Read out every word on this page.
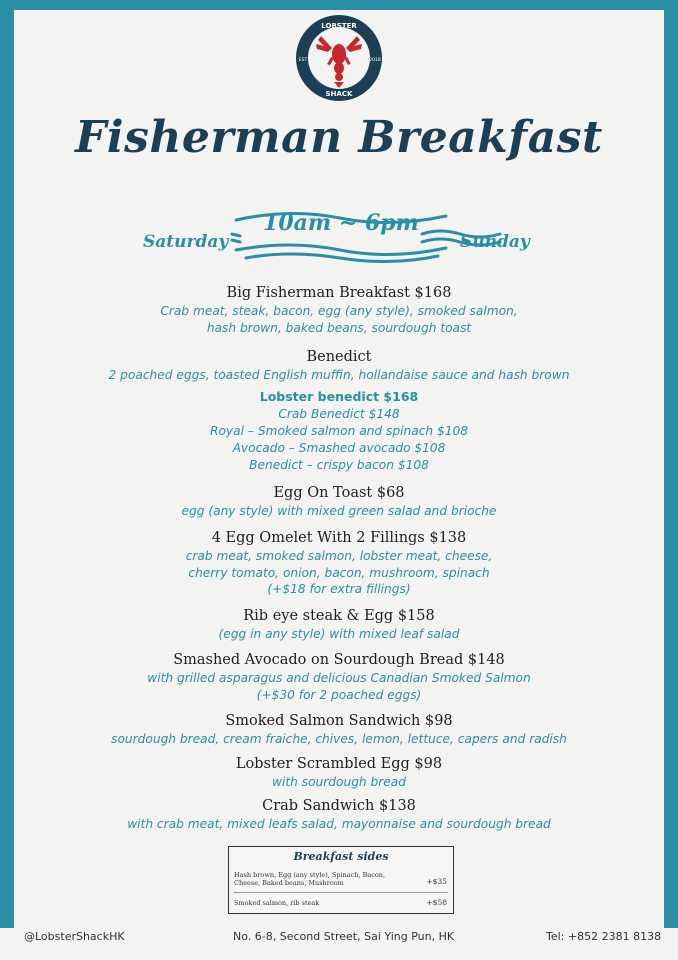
LOBSTER
SHACK
EST	2018
Fisherman Breakfast
Saturday
10am ~ 6pm
Sunday
Big Fisherman Breakfast $168
Crab meat, steak, bacon, egg (any style), smoked salmon,
hash brown, baked beans, sourdough toast
Benedict
2 poached eggs, toasted English muffin, hollandaise sauce and hash brown
Lobster benedict $168
Crab Benedict $148
Royal – Smoked salmon and spinach $108
Avocado – Smashed avocado $108
Benedict – crispy bacon $108
Egg On Toast $68
egg (any style) with mixed green salad and brioche
4 Egg Omelet With 2 Fillings $138
crab meat, smoked salmon, lobster meat, cheese,
cherry tomato, onion, bacon, mushroom, spinach
(+$18 for extra fillings)
Rib eye steak & Egg $158
(egg in any style) with mixed leaf salad
Smashed Avocado on Sourdough Bread $148
with grilled asparagus and delicious Canadian Smoked Salmon
(+$30 for 2 poached eggs)
Smoked Salmon Sandwich $98
sourdough bread, cream fraiche, chives, lemon, lettuce, capers and radish
Lobster Scrambled Egg $98
with sourdough bread
Crab Sandwich $138
with crab meat, mixed leafs salad, mayonnaise and sourdough bread
Breakfast sides
Hash brown, Egg (any style), Spinach, Bacon, Cheese, Baked beans, Mushroom	+$35
Smoked salmon, rib steak	+$58
@LobsterShackHK	No. 6-8, Second Street, Sai Ying Pun, HK	Tel: +852 2381 8138
